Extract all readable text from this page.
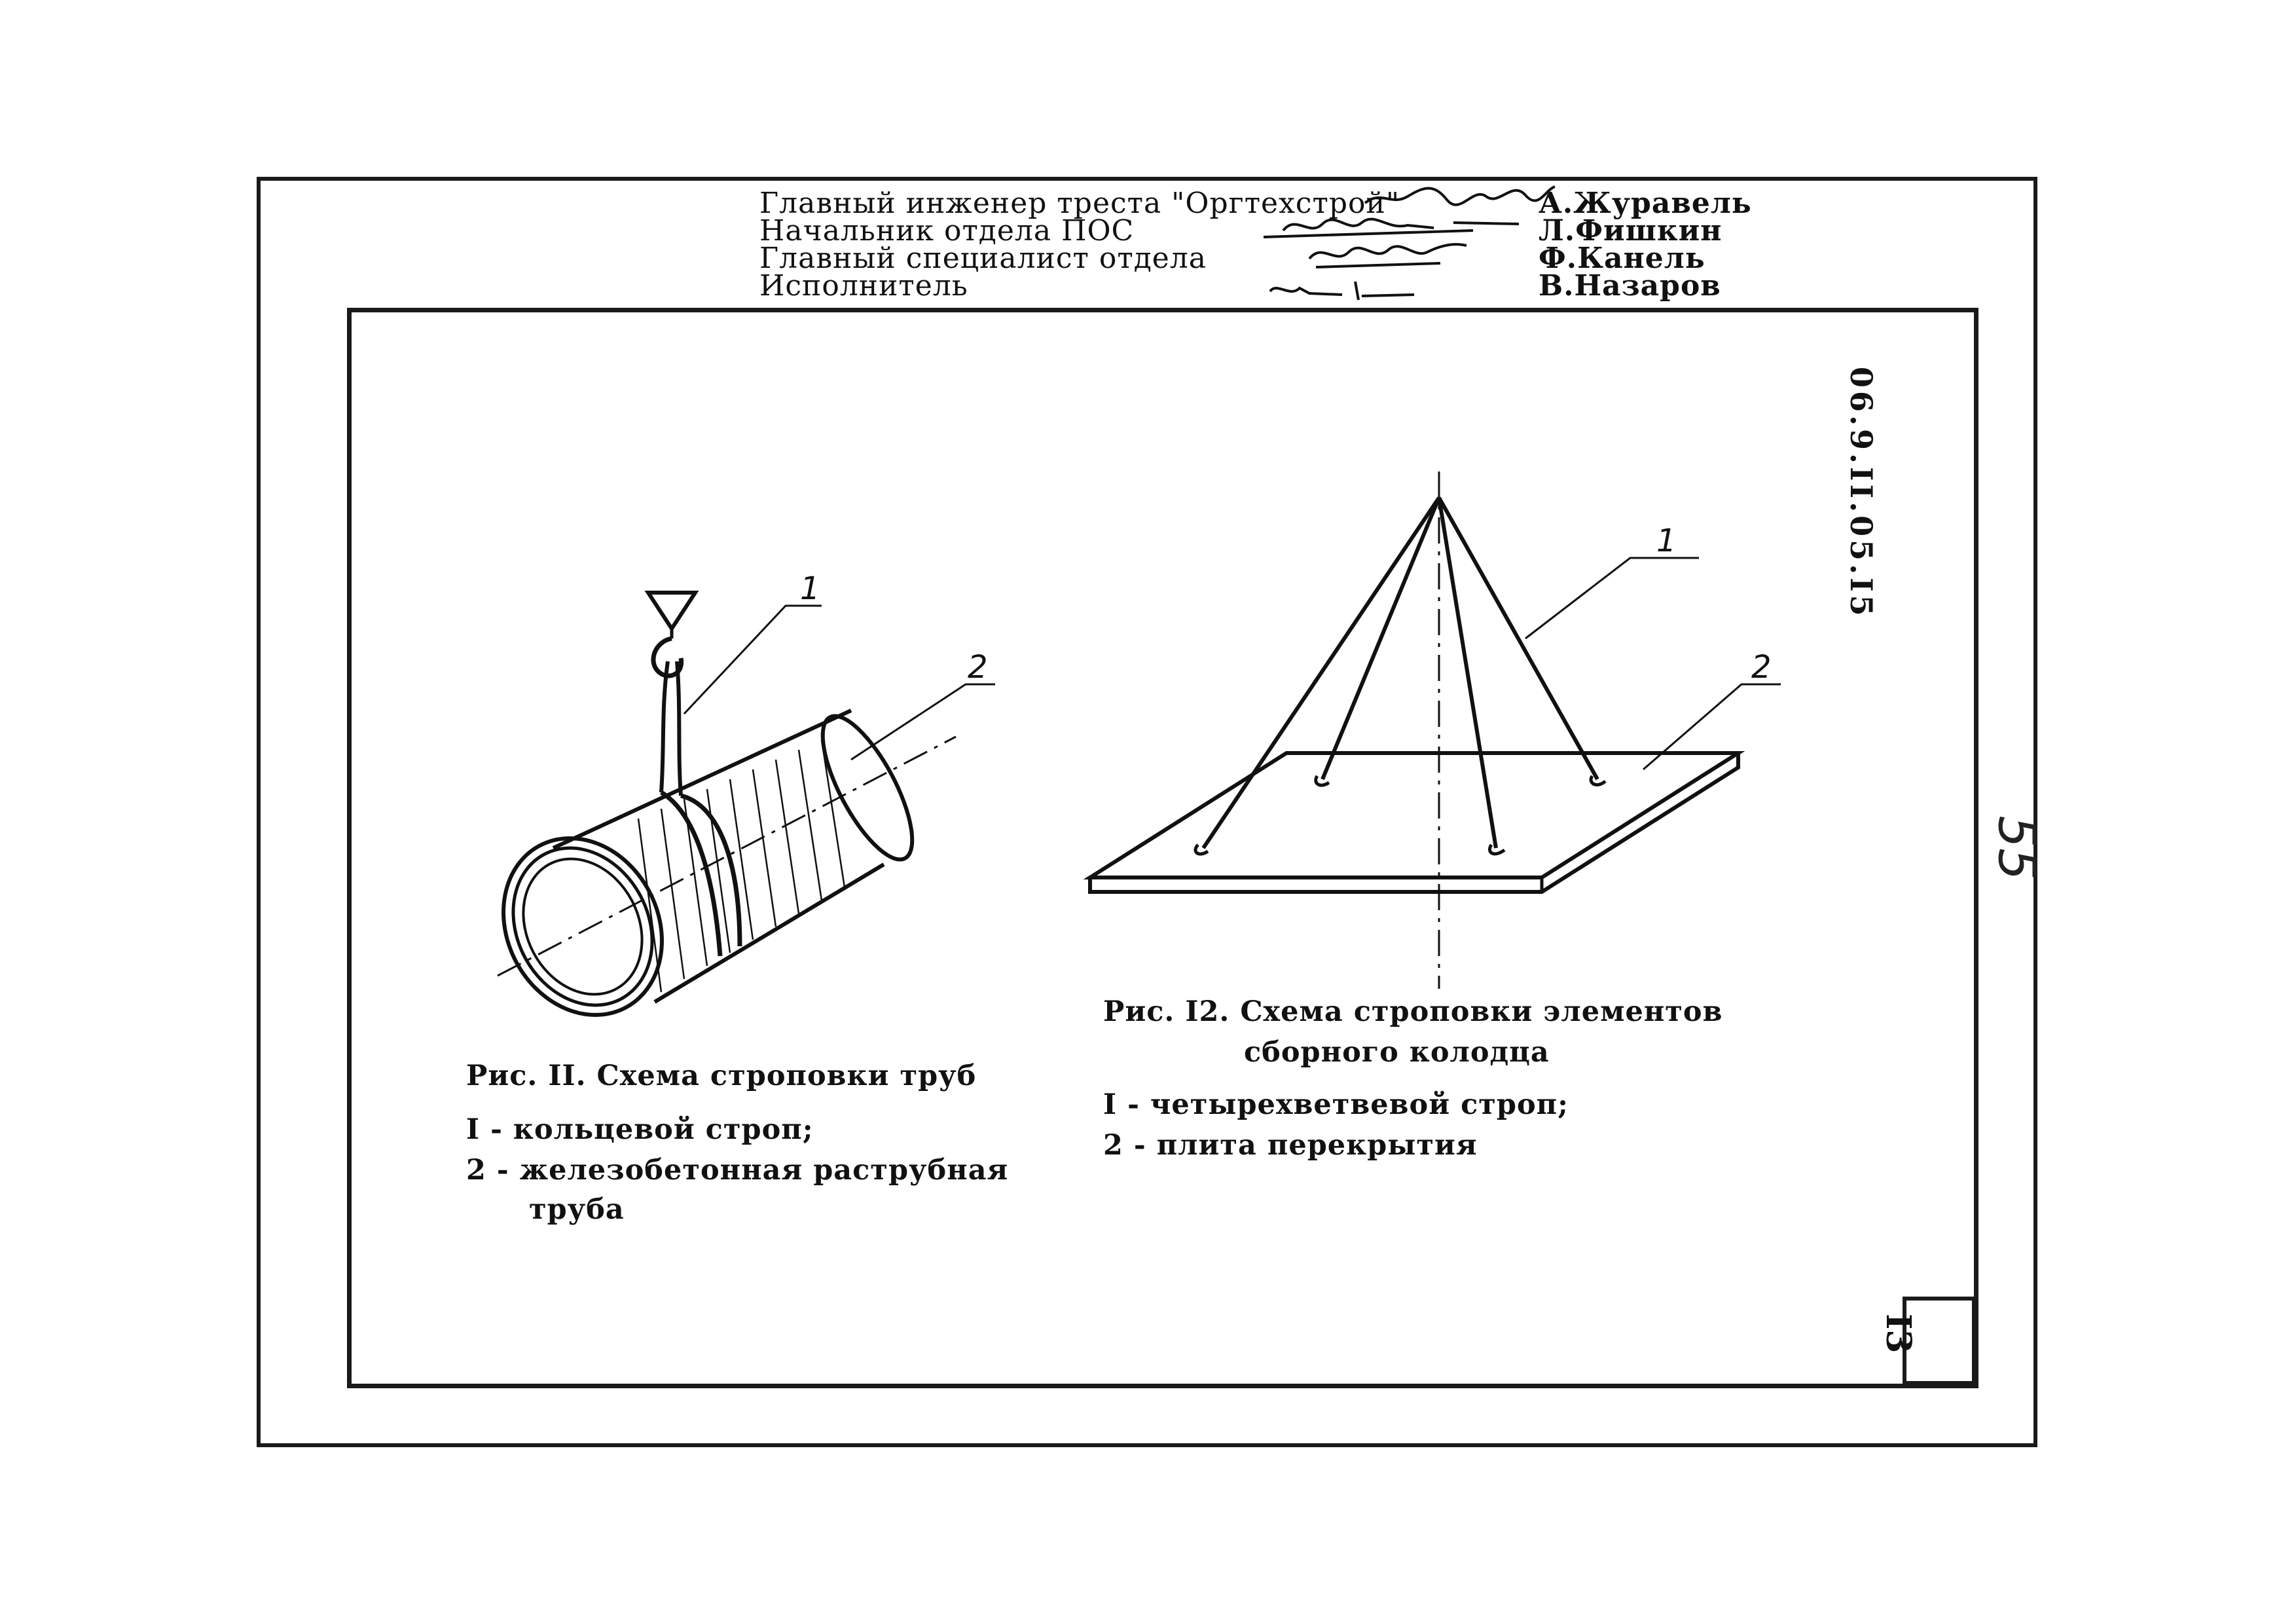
Главный инженер треста "Оргтехстрой"	А.Журавель
Начальник отдела ПОС	Л.Фишкин
Главный специалист отдела	Ф.Канель
Исполнитель	В.Назаров
06.9.II.05.I5
55
I3
1
2
1
2
Рис. II. Схема строповки труб
I - кольцевой строп;
2 - железобетонная раструбная
труба
Рис. I2. Схема строповки элементов
сборного колодца
I - четырехветвевой строп;
2 - плита перекрытия
